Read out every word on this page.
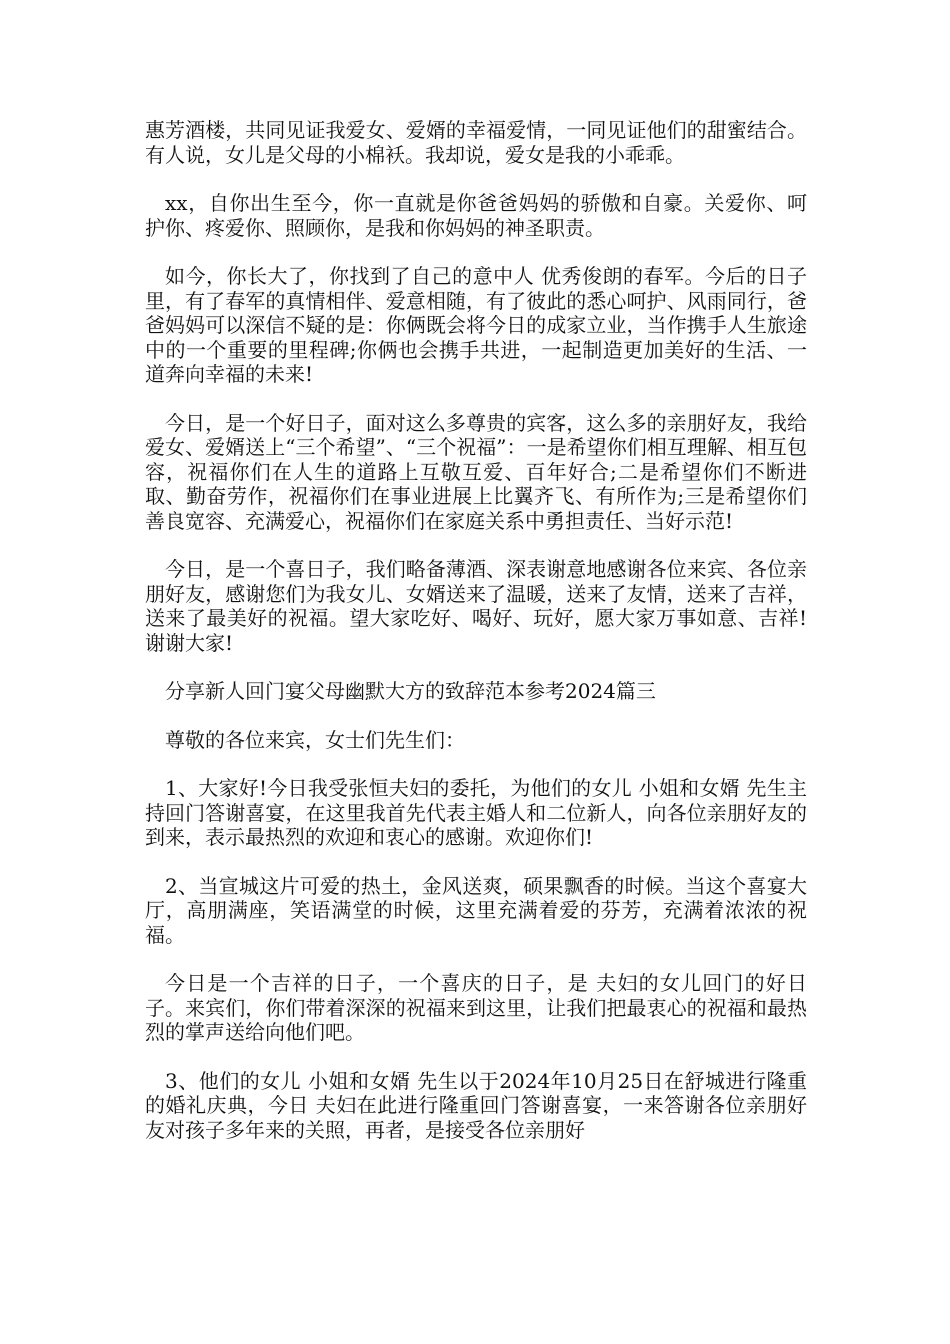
惠芳酒楼，共同见证我爱女、爱婿的幸福爱情，一同见证他们的甜蜜结合。有人说，女儿是父母的小棉袄。我却说，爱女是我的小乖乖。

xx，自你出生至今，你一直就是你爸爸妈妈的骄傲和自豪。关爱你、呵护你、疼爱你、照顾你，是我和你妈妈的神圣职责。

如今，你长大了，你找到了自己的意中人 优秀俊朗的春军。今后的日子里，有了春军的真情相伴、爱意相随，有了彼此的悉心呵护、风雨同行，爸爸妈妈可以深信不疑的是：你俩既会将今日的成家立业，当作携手人生旅途中的一个重要的里程碑;你俩也会携手共进，一起制造更加美好的生活、一道奔向幸福的未来!

今日，是一个好日子，面对这么多尊贵的宾客，这么多的亲朋好友，我给爱女、爱婿送上“三个希望”、“三个祝福”：一是希望你们相互理解、相互包容，祝福你们在人生的道路上互敬互爱、百年好合;二是希望你们不断进取、勤奋劳作，祝福你们在事业进展上比翼齐飞、有所作为;三是希望你们善良宽容、充满爱心，祝福你们在家庭关系中勇担责任、当好示范!

今日，是一个喜日子，我们略备薄酒、深表谢意地感谢各位来宾、各位亲朋好友，感谢您们为我女儿、女婿送来了温暖，送来了友情，送来了吉祥，送来了最美好的祝福。望大家吃好、喝好、玩好，愿大家万事如意、吉祥!谢谢大家!

分享新人回门宴父母幽默大方的致辞范本参考2024篇三

尊敬的各位来宾，女士们先生们：

1、大家好!今日我受张恒夫妇的委托，为他们的女儿 小姐和女婿 先生主持回门答谢喜宴，在这里我首先代表主婚人和二位新人，向各位亲朋好友的到来，表示最热烈的欢迎和衷心的感谢。欢迎你们!

2、当宣城这片可爱的热土，金风送爽，硕果飘香的时候。当这个喜宴大厅，高朋满座，笑语满堂的时候，这里充满着爱的芬芳，充满着浓浓的祝福。

今日是一个吉祥的日子，一个喜庆的日子，是 夫妇的女儿回门的好日子。来宾们，你们带着深深的祝福来到这里，让我们把最衷心的祝福和最热烈的掌声送给向他们吧。

3、他们的女儿 小姐和女婿 先生以于2024年10月25日在舒城进行隆重的婚礼庆典，今日 夫妇在此进行隆重回门答谢喜宴，一来答谢各位亲朋好友对孩子多年来的关照，再者，是接受各位亲朋好
